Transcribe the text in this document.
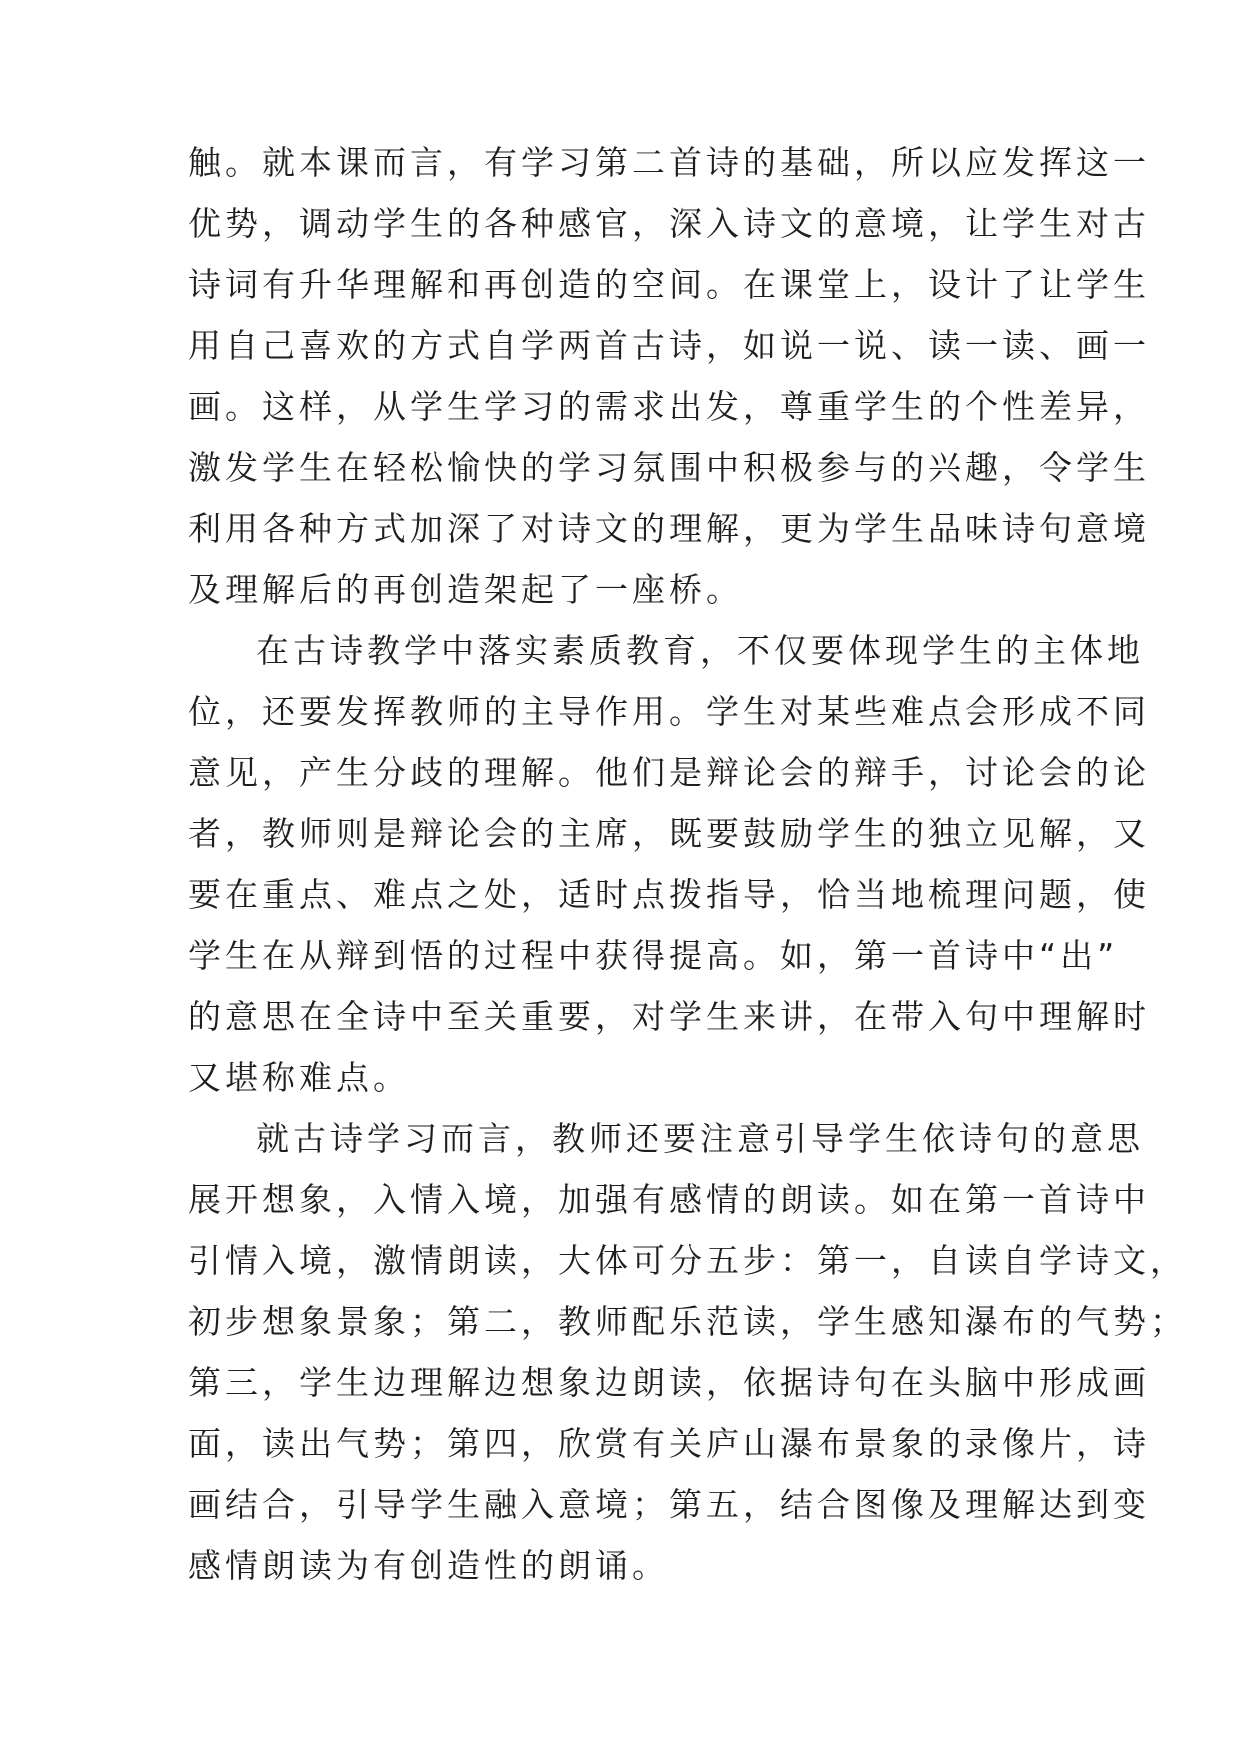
触。就本课而言，有学习第二首诗的基础，所以应发挥这一
优势，调动学生的各种感官，深入诗文的意境，让学生对古
诗词有升华理解和再创造的空间。在课堂上，设计了让学生
用自己喜欢的方式自学两首古诗，如说一说、读一读、画一
画。这样，从学生学习的需求出发，尊重学生的个性差异，
激发学生在轻松愉快的学习氛围中积极参与的兴趣，令学生
利用各种方式加深了对诗文的理解，更为学生品味诗句意境
及理解后的再创造架起了一座桥。
在古诗教学中落实素质教育，不仅要体现学生的主体地
位，还要发挥教师的主导作用。学生对某些难点会形成不同
意见，产生分歧的理解。他们是辩论会的辩手，讨论会的论
者，教师则是辩论会的主席，既要鼓励学生的独立见解，又
要在重点、难点之处，适时点拨指导，恰当地梳理问题，使
学生在从辩到悟的过程中获得提高。如，第一首诗中“出”
的意思在全诗中至关重要，对学生来讲，在带入句中理解时
又堪称难点。
就古诗学习而言，教师还要注意引导学生依诗句的意思
展开想象，入情入境，加强有感情的朗读。如在第一首诗中
引情入境，激情朗读，大体可分五步：第一，自读自学诗文，
初步想象景象；第二，教师配乐范读，学生感知瀑布的气势；
第三，学生边理解边想象边朗读，依据诗句在头脑中形成画
面，读出气势；第四，欣赏有关庐山瀑布景象的录像片，诗
画结合，引导学生融入意境；第五，结合图像及理解达到变
感情朗读为有创造性的朗诵。
